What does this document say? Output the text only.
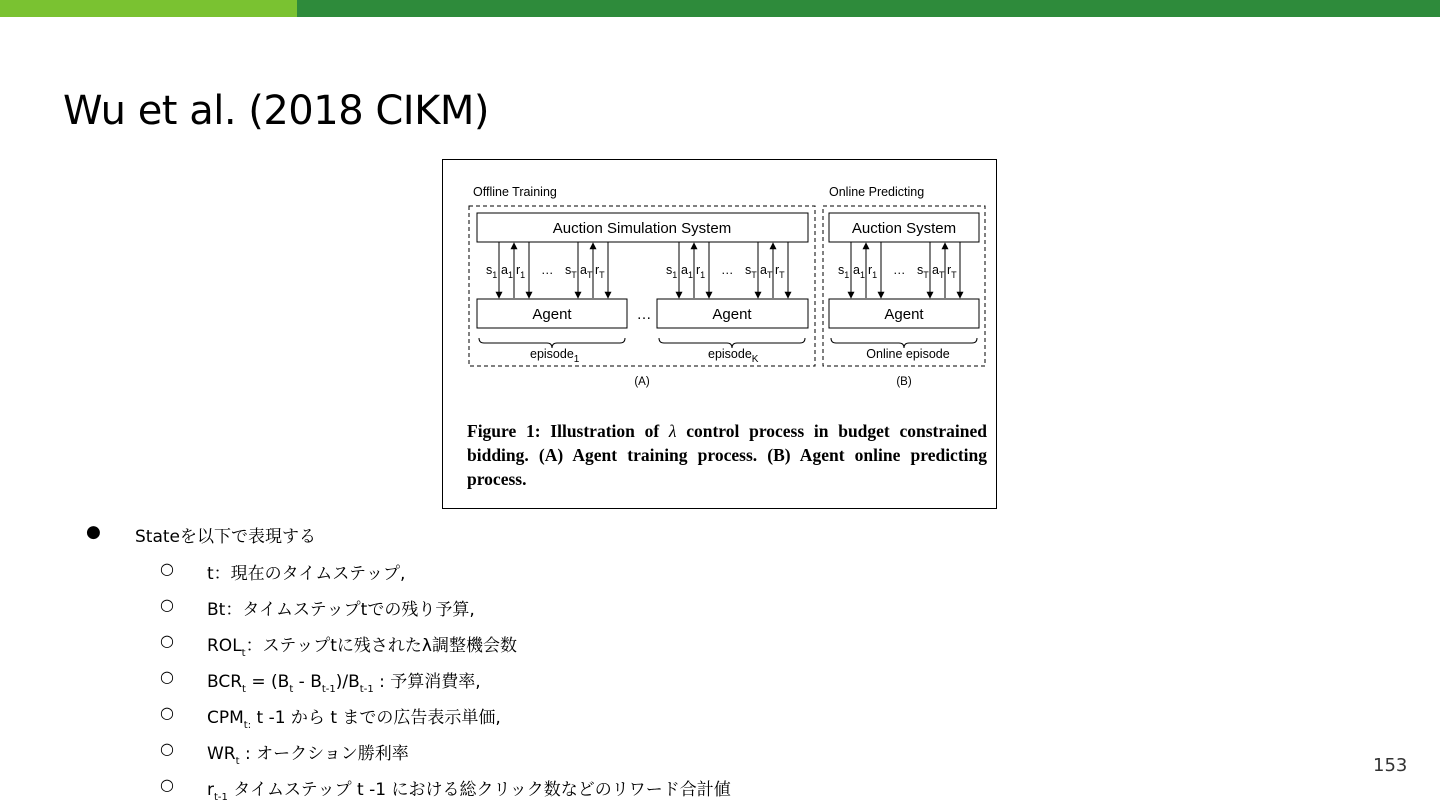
Wu et al. (2018 CIKM)
Offline Training	Online Predicting
Auction Simulation System	Auction System
Agent	…	Agent	Agent
$s_1$ $a_1$ $r_1$ … $s_T$ $a_T$ $r_T$	$s_1$ $a_1$ $r_1$ … $s_T$ $a_T$ $r_T$	$s_1$ $a_1$ $r_1$ … $s_T$ $a_T$ $r_T$
episode$_1$	episode$_K$	Online episode
(A)	(B)
Figure 1: Illustration of λ control process in budget constrained bidding. (A) Agent training process. (B) Agent online predicting process.
● Stateを以下で表現する
○ t：現在のタイムステップ,
○ Bt：タイムステップtでの残り予算,
○ $ROL_t$：ステップtに残されたλ調整機会数
○ $BCR_t = (B_t - B_{t-1})/B_{t-1}$ : 予算消費率,
○ $CPM_{t:}$ t -1 から t までの広告表示単価,
○ $WR_t$ : オークション勝利率
○ $r_{t-1}$ タイムステップ t -1 における総クリック数などのリワード合計値
153
